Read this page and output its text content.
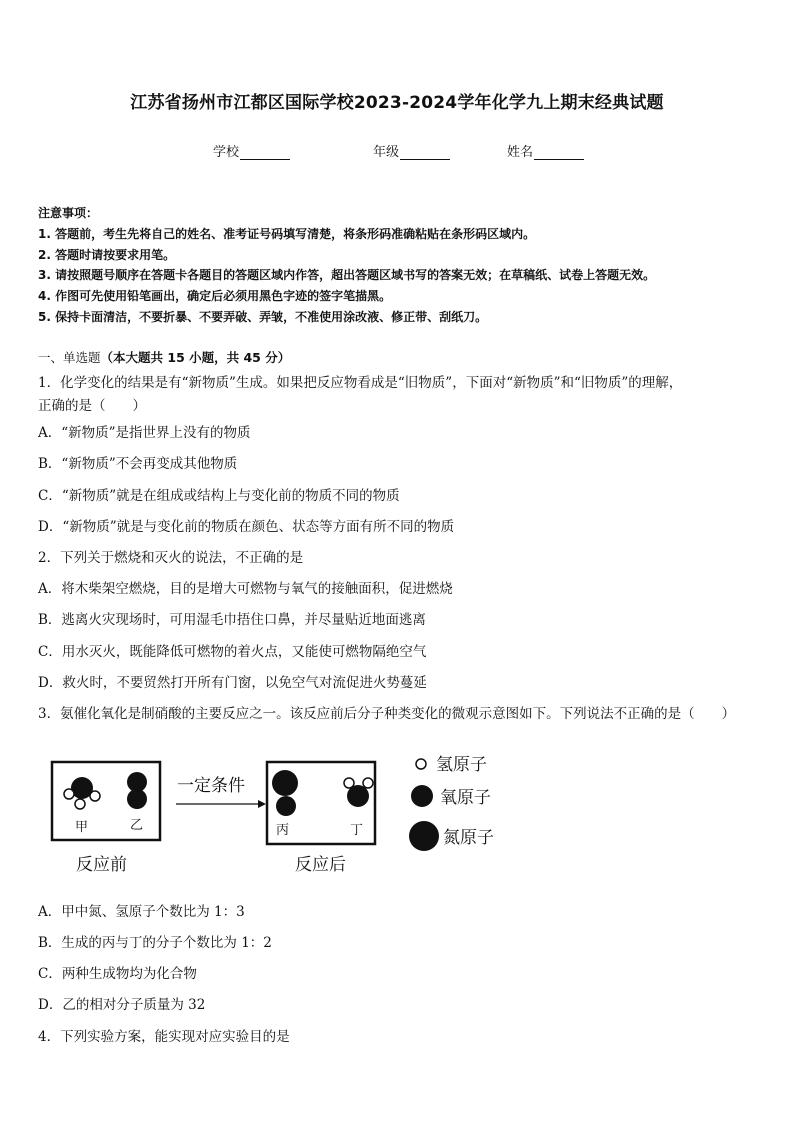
江苏省扬州市江都区国际学校2023-2024学年化学九上期末经典试题
学校	年级	姓名
注意事项：
1. 答题前，考生先将自己的姓名、准考证号码填写清楚，将条形码准确粘贴在条形码区域内。
2. 答题时请按要求用笔。
3. 请按照题号顺序在答题卡各题目的答题区域内作答，超出答题区域书写的答案无效；在草稿纸、试卷上答题无效。
4. 作图可先使用铅笔画出，确定后必须用黑色字迹的签字笔描黑。
5. 保持卡面清洁，不要折暴、不要弄破、弄皱，不准使用涂改液、修正带、刮纸刀。
一、单选题（本大题共 15 小题，共 45 分）
1．化学变化的结果是有“新物质”生成。如果把反应物看成是“旧物质”，下面对“新物质”和“旧物质”的理解，
正确的是（　　）
A．“新物质”是指世界上没有的物质
B．“新物质”不会再变成其他物质
C．“新物质”就是在组成或结构上与变化前的物质不同的物质
D．“新物质”就是与变化前的物质在颜色、状态等方面有所不同的物质
2．下列关于燃烧和灭火的说法，不正确的是
A．将木柴架空燃烧，目的是增大可燃物与氧气的接触面积，促进燃烧
B．逃离火灾现场时，可用湿毛巾捂住口鼻，并尽量贴近地面逃离
C．用水灭火，既能降低可燃物的着火点，又能使可燃物隔绝空气
D．救火时，不要贸然打开所有门窗，以免空气对流促进火势蔓延
3．氨催化氧化是制硝酸的主要反应之一。该反应前后分子种类变化的微观示意图如下。下列说法不正确的是（　　）
甲	乙
一定条件
丙	丁
反应前	反应后
氢原子
氧原子
氮原子
A．甲中氮、氢原子个数比为 1：3
B．生成的丙与丁的分子个数比为 1：2
C．两种生成物均为化合物
D．乙的相对分子质量为 32
4．下列实验方案，能实现对应实验目的是
